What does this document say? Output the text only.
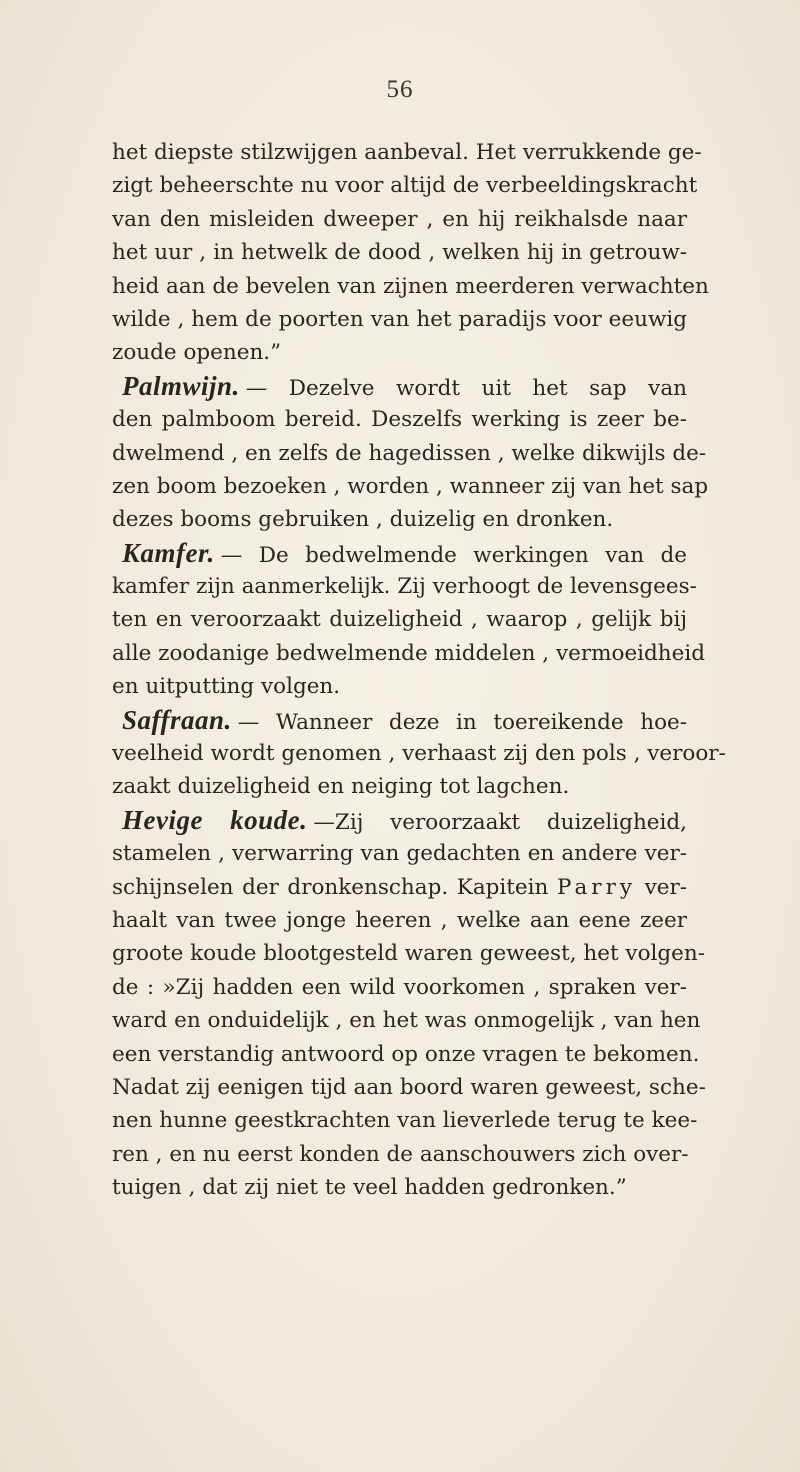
56
het diepste stilzwijgen aanbeval. Het verrukkende ge-
zigt beheerschte nu voor altijd de verbeeldingskracht
van den misleiden dweeper , en hij reikhalsde naar
het uur , in hetwelk de dood , welken hij in getrouw-
heid aan de bevelen van zijnen meerderen verwachten
wilde , hem de poorten van het paradijs voor eeuwig
zoude openen.”
Palmwijn. — Dezelve wordt uit het sap van
den palmboom bereid. Deszelfs werking is zeer be-
dwelmend , en zelfs de hagedissen , welke dikwijls de-
zen boom bezoeken , worden , wanneer zij van het sap
dezes booms gebruiken , duizelig en dronken.
Kamfer. — De bedwelmende werkingen van de
kamfer zijn aanmerkelijk. Zij verhoogt de levensgees-
ten en veroorzaakt duizeligheid , waarop , gelijk bij
alle zoodanige bedwelmende middelen , vermoeidheid
en uitputting volgen.
Saffraan. — Wanneer deze in toereikende hoe-
veelheid wordt genomen , verhaast zij den pols , veroor-
zaakt duizeligheid en neiging tot lagchen.
Hevige koude. —Zij veroorzaakt duizeligheid,
stamelen , verwarring van gedachten en andere ver-
schijnselen der dronkenschap. Kapitein Parry ver-
haalt van twee jonge heeren , welke aan eene zeer
groote koude blootgesteld waren geweest, het volgen-
de : »Zij hadden een wild voorkomen , spraken ver-
ward en onduidelijk , en het was onmogelijk , van hen
een verstandig antwoord op onze vragen te bekomen.
Nadat zij eenigen tijd aan boord waren geweest, sche-
nen hunne geestkrachten van lieverlede terug te kee-
ren , en nu eerst konden de aanschouwers zich over-
tuigen , dat zij niet te veel hadden gedronken.”
